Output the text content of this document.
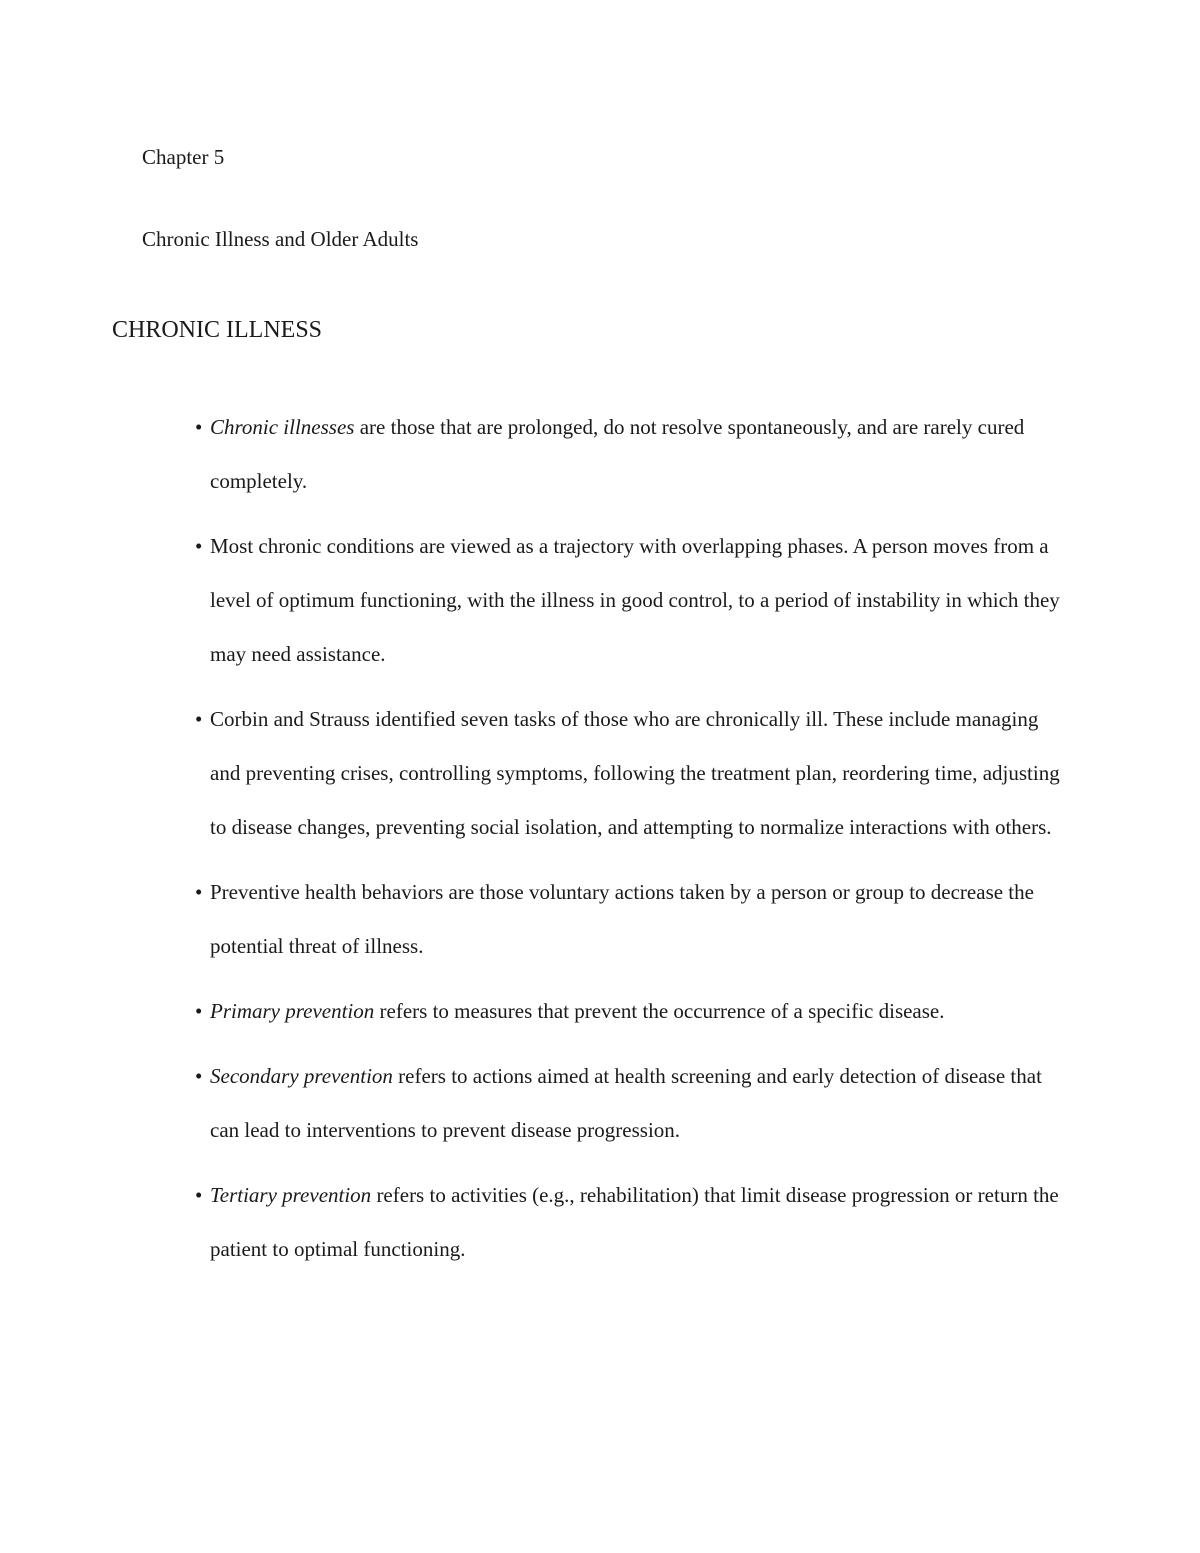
Chapter 5
Chronic Illness and Older Adults
CHRONIC ILLNESS
• Chronic illnesses are those that are prolonged, do not resolve spontaneously, and are rarely cured completely.
• Most chronic conditions are viewed as a trajectory with overlapping phases. A person moves from a level of optimum functioning, with the illness in good control, to a period of instability in which they may need assistance.
• Corbin and Strauss identified seven tasks of those who are chronically ill. These include managing and preventing crises, controlling symptoms, following the treatment plan, reordering time, adjusting to disease changes, preventing social isolation, and attempting to normalize interactions with others.
• Preventive health behaviors are those voluntary actions taken by a person or group to decrease the potential threat of illness.
• Primary prevention refers to measures that prevent the occurrence of a specific disease.
• Secondary prevention refers to actions aimed at health screening and early detection of disease that can lead to interventions to prevent disease progression.
• Tertiary prevention refers to activities (e.g., rehabilitation) that limit disease progression or return the patient to optimal functioning.
